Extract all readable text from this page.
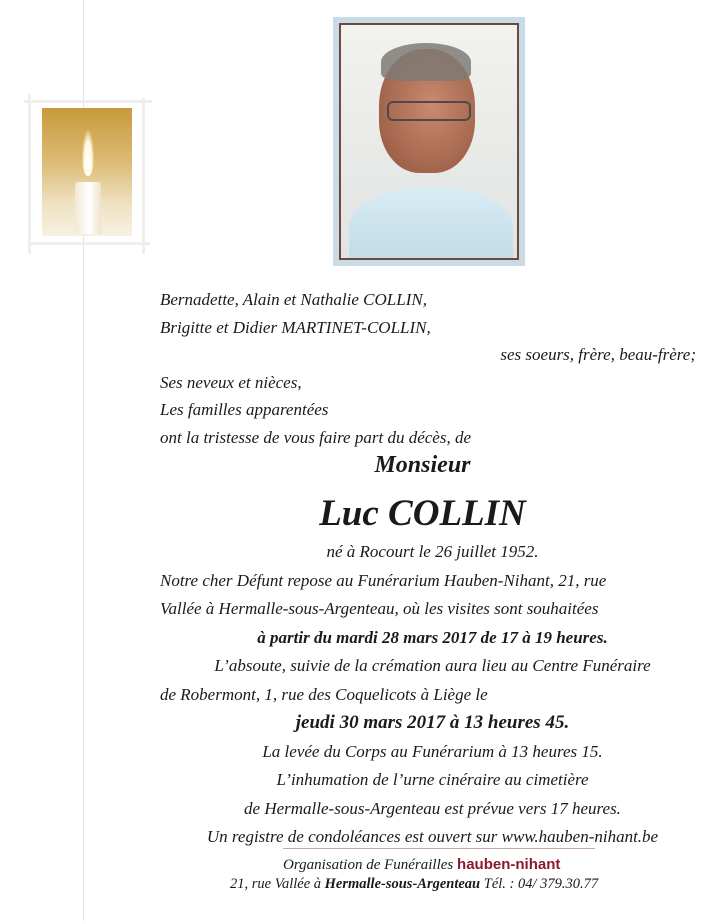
Bernadette, Alain et Nathalie COLLIN,
Brigitte et Didier MARTINET-COLLIN,
ses soeurs, frère, beau-frère;
Ses neveux et nièces,
Les familles apparentées
ont la tristesse de vous faire part du décès, de
Monsieur
Luc COLLIN
né à Rocourt le 26 juillet 1952.
Notre cher Défunt repose au Funérarium Hauben-Nihant, 21, rue
Vallée à Hermalle-sous-Argenteau, où les visites sont souhaitées
à partir du mardi 28 mars 2017 de 17 à 19 heures.
L’absoute, suivie de la crémation aura lieu au Centre Funéraire
de Robermont, 1, rue des Coquelicots à Liège le
jeudi 30 mars 2017 à 13 heures 45.
La levée du Corps au Funérarium à 13 heures 15.
L’inhumation de l’urne cinéraire au cimetière
de Hermalle-sous-Argenteau est prévue vers 17 heures.
Un registre de condoléances est ouvert sur www.hauben-nihant.be
Organisation de Funérailles hauben-nihant
21, rue Vallée à Hermalle-sous-Argenteau Tél. : 04/ 379.30.77
